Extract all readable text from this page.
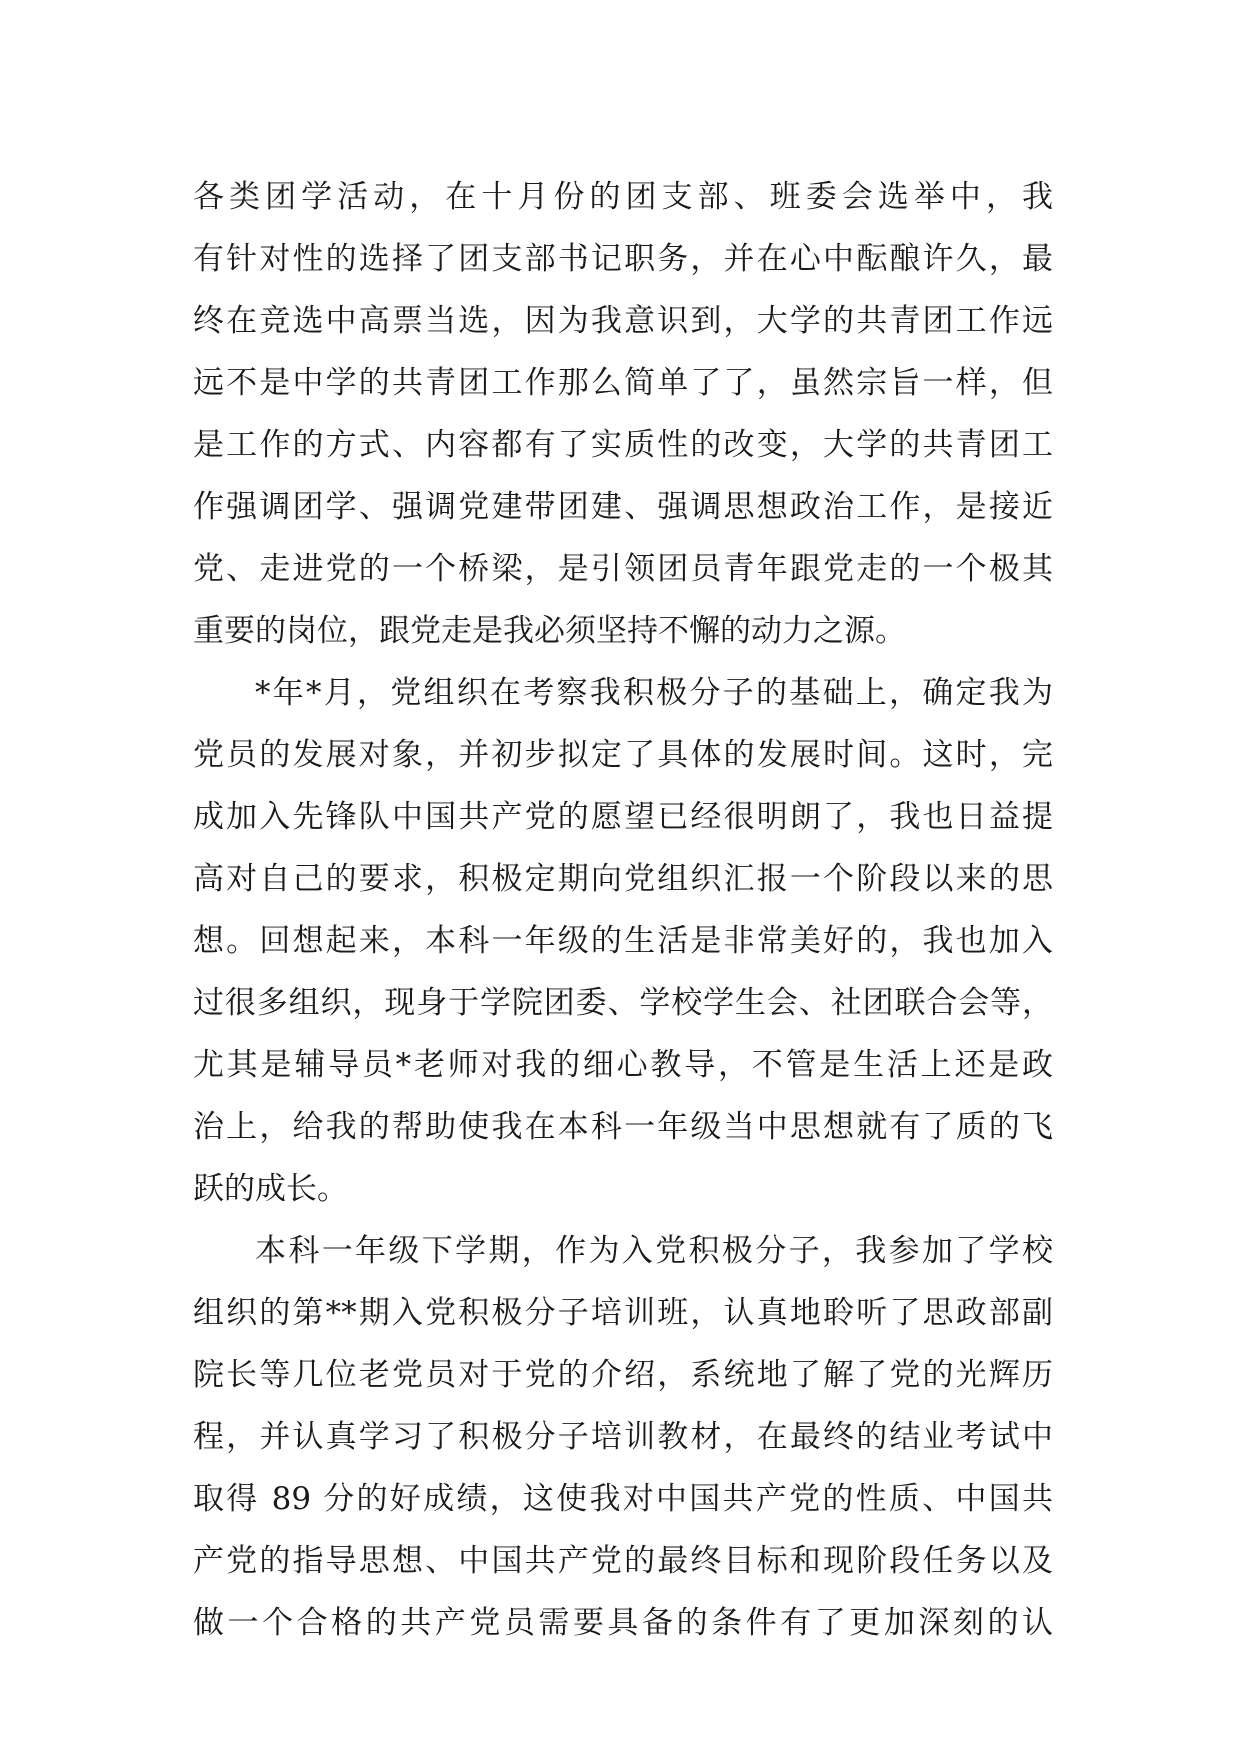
各类团学活动，在十月份的团支部、班委会选举中，我
有针对性的选择了团支部书记职务，并在心中酝酿许久，最
终在竞选中高票当选，因为我意识到，大学的共青团工作远
远不是中学的共青团工作那么简单了了，虽然宗旨一样，但
是工作的方式、内容都有了实质性的改变，大学的共青团工
作强调团学、强调党建带团建、强调思想政治工作，是接近
党、走进党的一个桥梁，是引领团员青年跟党走的一个极其
重要的岗位，跟党走是我必须坚持不懈的动力之源。
*年*月，党组织在考察我积极分子的基础上，确定我为
党员的发展对象，并初步拟定了具体的发展时间。这时，完
成加入先锋队中国共产党的愿望已经很明朗了，我也日益提
高对自己的要求，积极定期向党组织汇报一个阶段以来的思
想。回想起来，本科一年级的生活是非常美好的，我也加入
过很多组织，现身于学院团委、学校学生会、社团联合会等，
尤其是辅导员*老师对我的细心教导，不管是生活上还是政
治上，给我的帮助使我在本科一年级当中思想就有了质的飞
跃的成长。
本科一年级下学期，作为入党积极分子，我参加了学校
组织的第**期入党积极分子培训班，认真地聆听了思政部副
院长等几位老党员对于党的介绍，系统地了解了党的光辉历
程，并认真学习了积极分子培训教材，在最终的结业考试中
取得 89 分的好成绩，这使我对中国共产党的性质、中国共
产党的指导思想、中国共产党的最终目标和现阶段任务以及
做一个合格的共产党员需要具备的条件有了更加深刻的认
